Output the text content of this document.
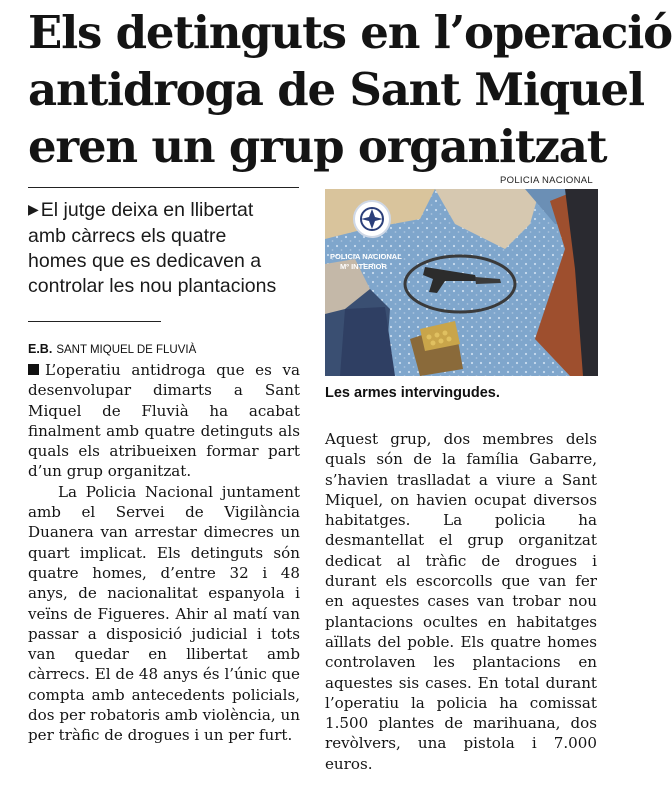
Els detinguts en l’operació
antidroga de Sant Miquel
eren un grup organitzat
▶ El jutge deixa en llibertat
amb càrrecs els quatre
homes que es dedicaven a
controlar les nou plantacions
E.B. SANT MIQUEL DE FLUVIÀ

L’operatiu antidroga que es va desenvolupar dimarts a Sant Miquel de Fluvià ha acabat finalment amb quatre detinguts als quals els atribueixen formar part d’un grup organitzat.

La Policia Nacional juntament amb el Servei de Vigilància Duanera van arrestar dimecres un quart implicat. Els detinguts són quatre homes, d’entre 32 i 48 anys, de nacionalitat espanyola i veïns de Figueres. Ahir al matí van passar a disposició judicial i tots van quedar en llibertat amb càrrecs. El de 48 anys és l’únic que compta amb antecedents policials, dos per robatoris amb violència, un per tràfic de drogues i un per furt.

POLICIA NACIONAL
POLICIA NACIONAL
Mº INTERIOR
Les armes intervingudes.

Aquest grup, dos membres dels quals són de la família Gabarre, s’havien traslladat a viure a Sant Miquel, on havien ocupat diversos habitatges. La policia ha desmantellat el grup organitzat dedicat al tràfic de drogues i durant els escorcolls que van fer en aquestes cases van trobar nou plantacions ocultes en habitatges aïllats del poble. Els quatre homes controlaven les plantacions en aquestes sis cases. En total durant l’operatiu la policia ha comissat 1.500 plantes de marihuana, dos revòlvers, una pistola i 7.000 euros.
